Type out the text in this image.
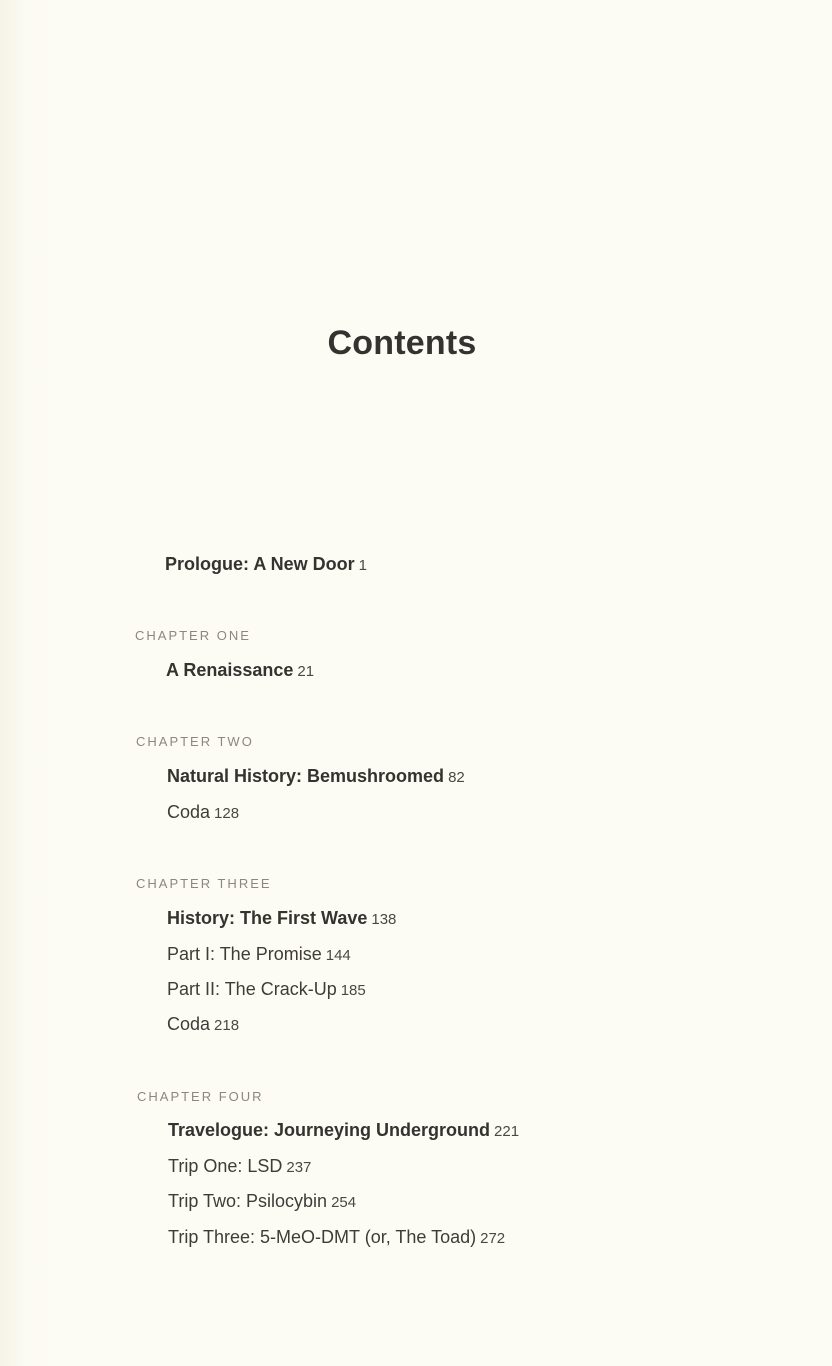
Contents
Prologue: A New Door 1
CHAPTER ONE
A Renaissance 21
CHAPTER TWO
Natural History: Bemushroomed 82
Coda 128
CHAPTER THREE
History: The First Wave 138
Part I: The Promise 144
Part II: The Crack-Up 185
Coda 218
CHAPTER FOUR
Travelogue: Journeying Underground 221
Trip One: LSD 237
Trip Two: Psilocybin 254
Trip Three: 5-MeO-DMT (or, The Toad) 272
